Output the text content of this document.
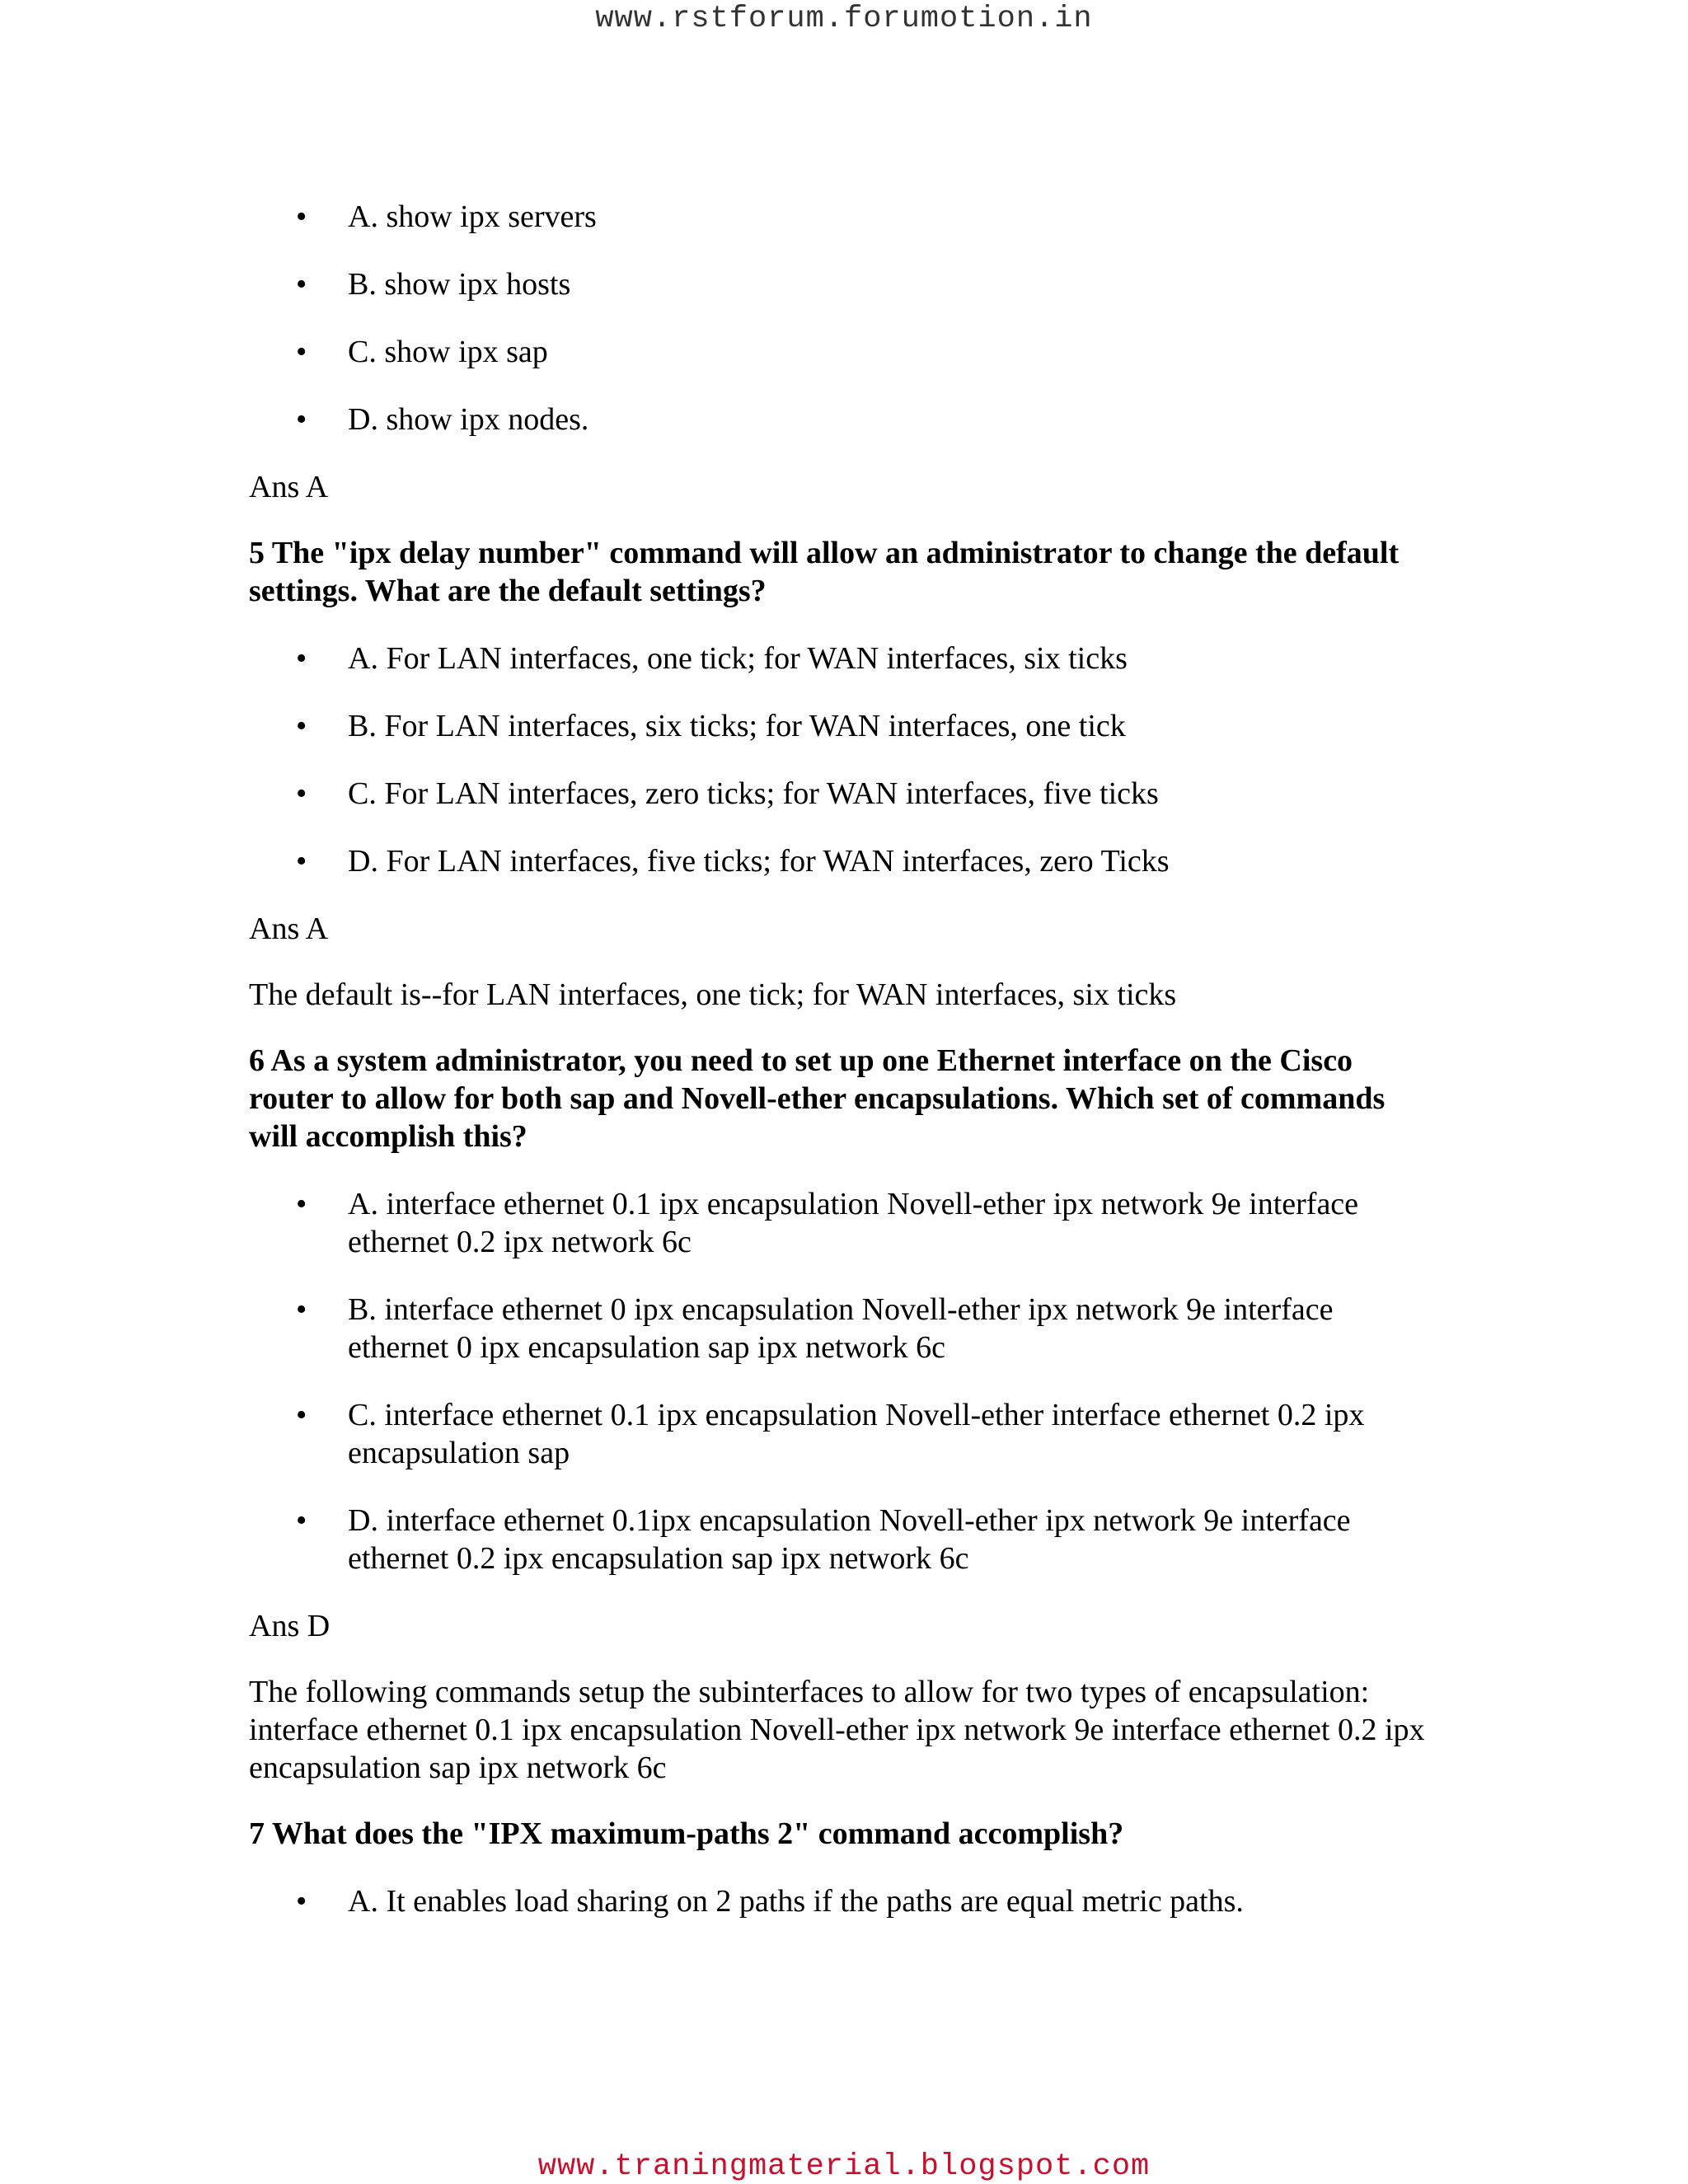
www.rstforum.forumotion.in
• A. show ipx servers
• B. show ipx hosts
• C. show ipx sap
• D. show ipx nodes.
Ans A
5 The "ipx delay number" command will allow an administrator to change the default settings. What are the default settings?
• A. For LAN interfaces, one tick; for WAN interfaces, six ticks
• B. For LAN interfaces, six ticks; for WAN interfaces, one tick
• C. For LAN interfaces, zero ticks; for WAN interfaces, five ticks
• D. For LAN interfaces, five ticks; for WAN interfaces, zero Ticks
Ans A
The default is--for LAN interfaces, one tick; for WAN interfaces, six ticks
6 As a system administrator, you need to set up one Ethernet interface on the Cisco router to allow for both sap and Novell-ether encapsulations. Which set of commands will accomplish this?
• A. interface ethernet 0.1 ipx encapsulation Novell-ether ipx network 9e interface ethernet 0.2 ipx network 6c
• B. interface ethernet 0 ipx encapsulation Novell-ether ipx network 9e interface ethernet 0 ipx encapsulation sap ipx network 6c
• C. interface ethernet 0.1 ipx encapsulation Novell-ether interface ethernet 0.2 ipx encapsulation sap
• D. interface ethernet 0.1ipx encapsulation Novell-ether ipx network 9e interface ethernet 0.2 ipx encapsulation sap ipx network 6c
Ans D
The following commands setup the subinterfaces to allow for two types of encapsulation: interface ethernet 0.1 ipx encapsulation Novell-ether ipx network 9e interface ethernet 0.2 ipx encapsulation sap ipx network 6c
7 What does the "IPX maximum-paths 2" command accomplish?
• A. It enables load sharing on 2 paths if the paths are equal metric paths.
www.traningmaterial.blogspot.com
